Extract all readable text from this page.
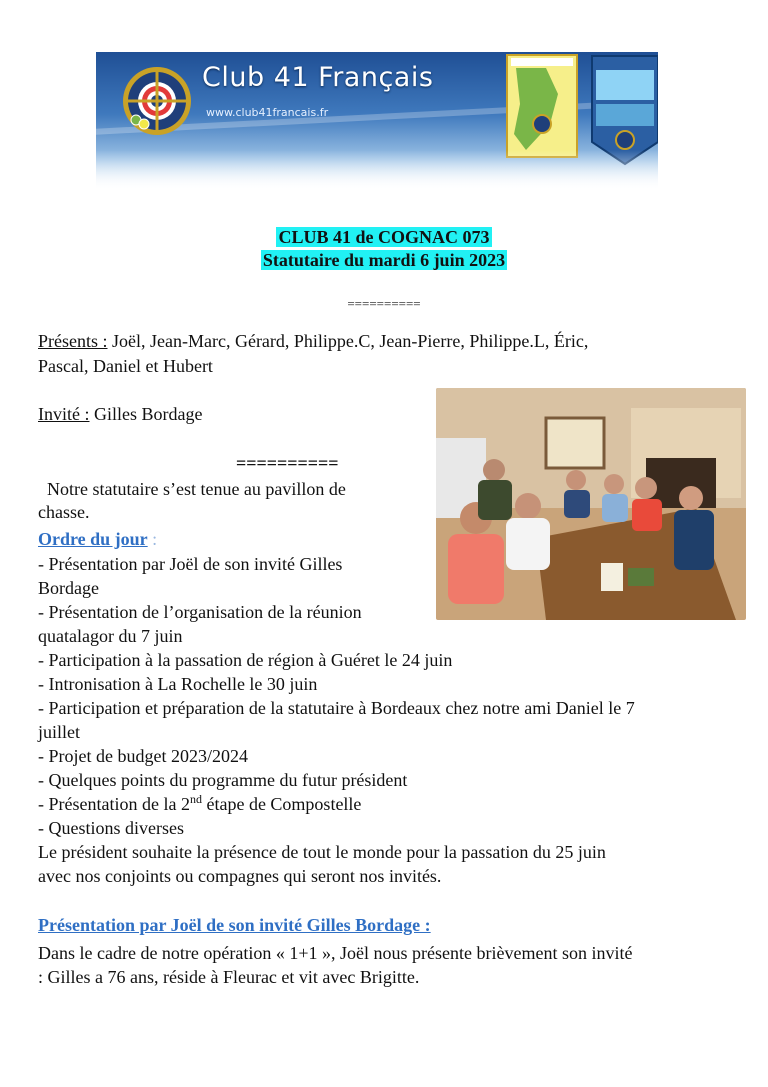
Club 41 Français
www.club41francais.fr
CLUB 41 de COGNAC 073
Statutaire du mardi 6 juin 2023
==========
Présents : Joël, Jean-Marc, Gérard, Philippe.C, Jean-Pierre, Philippe.L, Éric,
Pascal, Daniel et Hubert
Invité : Gilles Bordage
==========
Notre statutaire s’est tenue au pavillon de
chasse.
Ordre du jour :
- Présentation par Joël de son invité Gilles
Bordage
- Présentation de l’organisation de la réunion
quatalagor du 7 juin
- Participation à la passation de région à Guéret le 24 juin
- Intronisation à La Rochelle le 30 juin
- Participation et préparation de la statutaire à Bordeaux chez notre ami Daniel le 7
juillet
- Projet de budget 2023/2024
- Quelques points du programme du futur président
- Présentation de la 2nd étape de Compostelle
- Questions diverses
Le président souhaite la présence de tout le monde pour la passation du 25 juin
avec nos conjoints ou compagnes qui seront nos invités.
Présentation par Joël de son invité Gilles Bordage :
Dans le cadre de notre opération « 1+1 », Joël nous présente brièvement son invité
: Gilles a 76 ans, réside à Fleurac et vit avec Brigitte.
